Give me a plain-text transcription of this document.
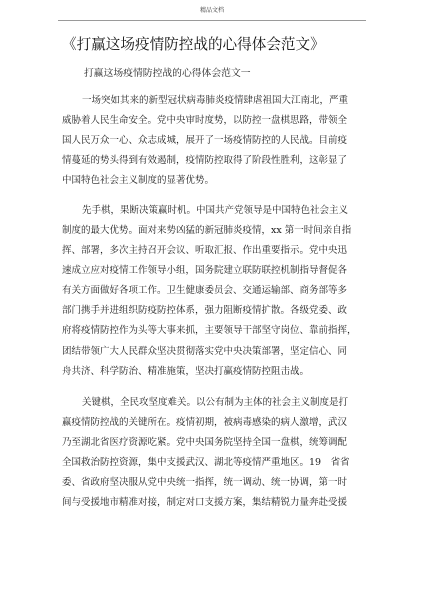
精品文档
《打赢这场疫情防控战的心得体会范文》
打赢这场疫情防控战的心得体会范文一
一场突如其来的新型冠状病毒肺炎疫情肆虐祖国大江南北，严重
威胁着人民生命安全。党中央审时度势，以防控一盘棋思路，带领全
国人民万众一心、众志成城，展开了一场疫情防控的人民战。目前疫
情蔓延的势头得到有效遏制，疫情防控取得了阶段性胜利，这彰显了
中国特色社会主义制度的显著优势。
先手棋，果断决策赢时机。中国共产党领导是中国特色社会主义
制度的最大优势。面对来势凶猛的新冠肺炎疫情，xx 第一时间亲自指
挥、部署，多次主持召开会议、听取汇报、作出重要指示。党中央迅
速成立应对疫情工作领导小组，国务院建立联防联控机制指导督促各
有关方面做好各项工作。卫生健康委员会、交通运输部、商务部等多
部门携手并进组织防疫防控体系，强力阻断疫情扩散。各级党委、政
府将疫情防控作为头等大事来抓，主要领导干部坚守岗位、靠前指挥，
团结带领广大人民群众坚决贯彻落实党中央决策部署，坚定信心、同
舟共济、科学防治、精准施策，坚决打赢疫情防控阻击战。
关键棋，全民攻坚度难关。以公有制为主体的社会主义制度是打
赢疫情防控战的关键所在。疫情初期，被病毒感染的病人激增，武汉
乃至湖北省医疗资源吃紧。党中央国务院坚持全国一盘棋，统筹调配
全国救治防控资源，集中支援武汉、湖北等疫情严重地区。19　省省
委、省政府坚决服从党中央统一指挥，统一调动、统一协调，第一时
间与受援地市精准对接，制定对口支援方案，集结精锐力量奔赴受援
